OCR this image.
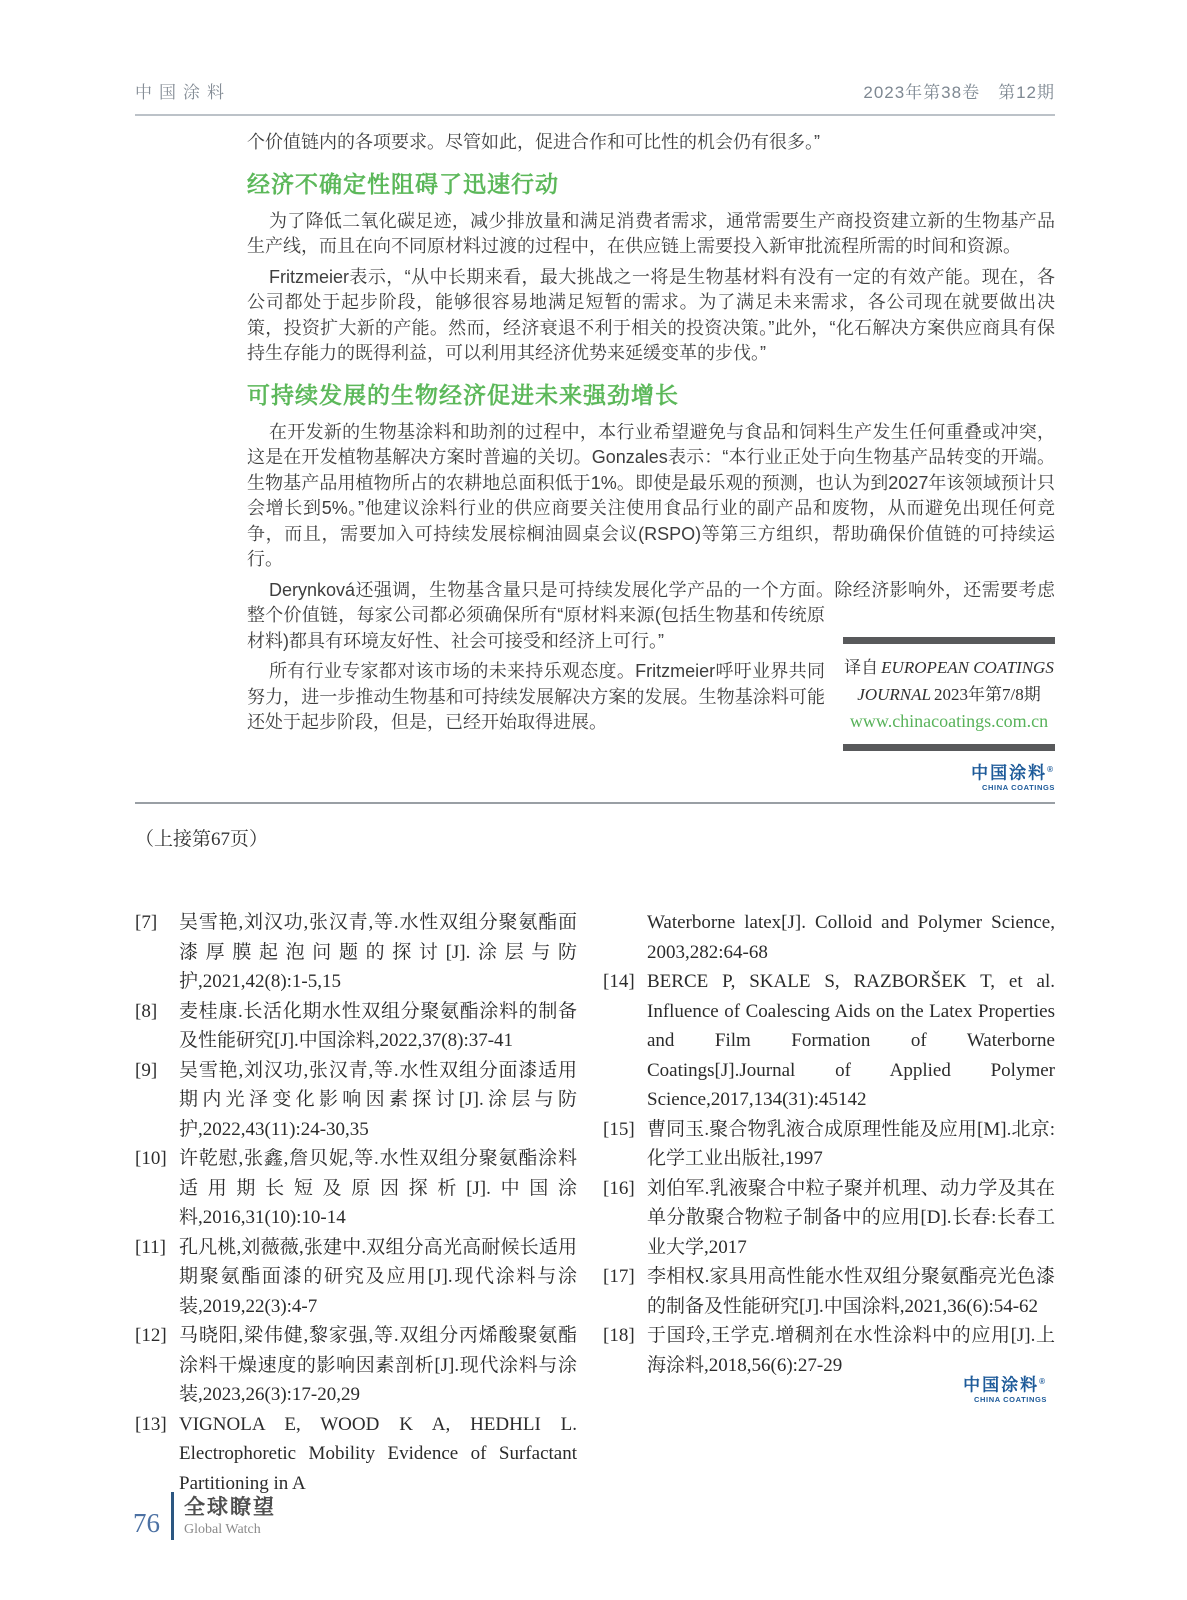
中国涂料	2023年第38卷　第12期

个价值链内的各项要求。尽管如此，促进合作和可比性的机会仍有很多。”

经济不确定性阻碍了迅速行动

为了降低二氧化碳足迹，减少排放量和满足消费者需求，通常需要生产商投资建立新的生物基产品生产线，而且在向不同原材料过渡的过程中，在供应链上需要投入新审批流程所需的时间和资源。

Fritzmeier表示，“从中长期来看，最大挑战之一将是生物基材料有没有一定的有效产能。现在，各公司都处于起步阶段，能够很容易地满足短暂的需求。为了满足未来需求，各公司现在就要做出决策，投资扩大新的产能。然而，经济衰退不利于相关的投资决策。”此外，“化石解决方案供应商具有保持生存能力的既得利益，可以利用其经济优势来延缓变革的步伐。”

可持续发展的生物经济促进未来强劲增长

在开发新的生物基涂料和助剂的过程中，本行业希望避免与食品和饲料生产发生任何重叠或冲突，这是在开发植物基解决方案时普遍的关切。Gonzales表示：“本行业正处于向生物基产品转变的开端。生物基产品用植物所占的农耕地总面积低于1%。即使是最乐观的预测，也认为到2027年该领域预计只会增长到5%。”他建议涂料行业的供应商要关注使用食品行业的副产品和废物，从而避免出现任何竞争，而且，需要加入可持续发展棕榈油圆桌会议(RSPO)等第三方组织，帮助确保价值链的可持续运行。

Derynková还强调，生物基含量只是可持续发展化学产品的一个方面。除经济影响外，还需要考虑整个价值
译自 EUROPEAN COATINGS JOURNAL 2023年第7/8期
www.chinacoatings.com.cn
中国涂料®
CHINA COATINGS
链，每家公司都必须确保所有“原材料来源(包括生物基和传统原材料)都具有环境友好性、社会可接受和经济上可行。”

所有行业专家都对该市场的未来持乐观态度。Fritzmeier呼吁业界共同努力，进一步推动生物基和可持续发展解决方案的发展。生物基涂料可能还处于起步阶段，但是，已经开始取得进展。

（上接第67页）
[7]	吴雪艳,刘汉功,张汉青,等.水性双组分聚氨酯面漆厚膜起泡问题的探讨[J].涂层与防护,2021,42(8):1-5,15
[8]	麦桂康.长活化期水性双组分聚氨酯涂料的制备及性能研究[J].中国涂料,2022,37(8):37-41
[9]	吴雪艳,刘汉功,张汉青,等.水性双组分面漆适用期内光泽变化影响因素探讨[J].涂层与防护,2022,43(11):24-30,35
[10] 许乾慰,张鑫,詹贝妮,等.水性双组分聚氨酯涂料适用期长短及原因探析[J].中国涂料,2016,31(10):10-14
[11] 孔凡桃,刘薇薇,张建中.双组分高光高耐候长适用期聚氨酯面漆的研究及应用[J].现代涂料与涂装,2019,22(3):4-7
[12] 马晓阳,梁伟健,黎家强,等.双组分丙烯酸聚氨酯涂料干燥速度的影响因素剖析[J].现代涂料与涂装,2023,26(3):17-20,29
[13] VIGNOLA E, WOOD K A, HEDHLI L. Electrophoretic Mobility Evidence of Surfactant Partitioning in A
Waterborne latex[J]. Colloid and Polymer Science, 2003,282:64-68
[14] BERCE P, SKALE S, RAZBORŠEK T, et al. Influence of Coalescing Aids on the Latex Properties and Film Formation of Waterborne Coatings[J].Journal of Applied Polymer Science,2017,134(31):45142
[15] 曹同玉.聚合物乳液合成原理性能及应用[M].北京:化学工业出版社,1997
[16] 刘伯军.乳液聚合中粒子聚并机理、动力学及其在单分散聚合物粒子制备中的应用[D].长春:长春工业大学,2017
[17] 李相权.家具用高性能水性双组分聚氨酯亮光色漆的制备及性能研究[J].中国涂料,2021,36(6):54-62
[18] 于国玲,王学克.增稠剂在水性涂料中的应用[J].上海涂料,2018,56(6):27-29
中国涂料®
CHINA COATINGS
76
全球瞭望
Global Watch
